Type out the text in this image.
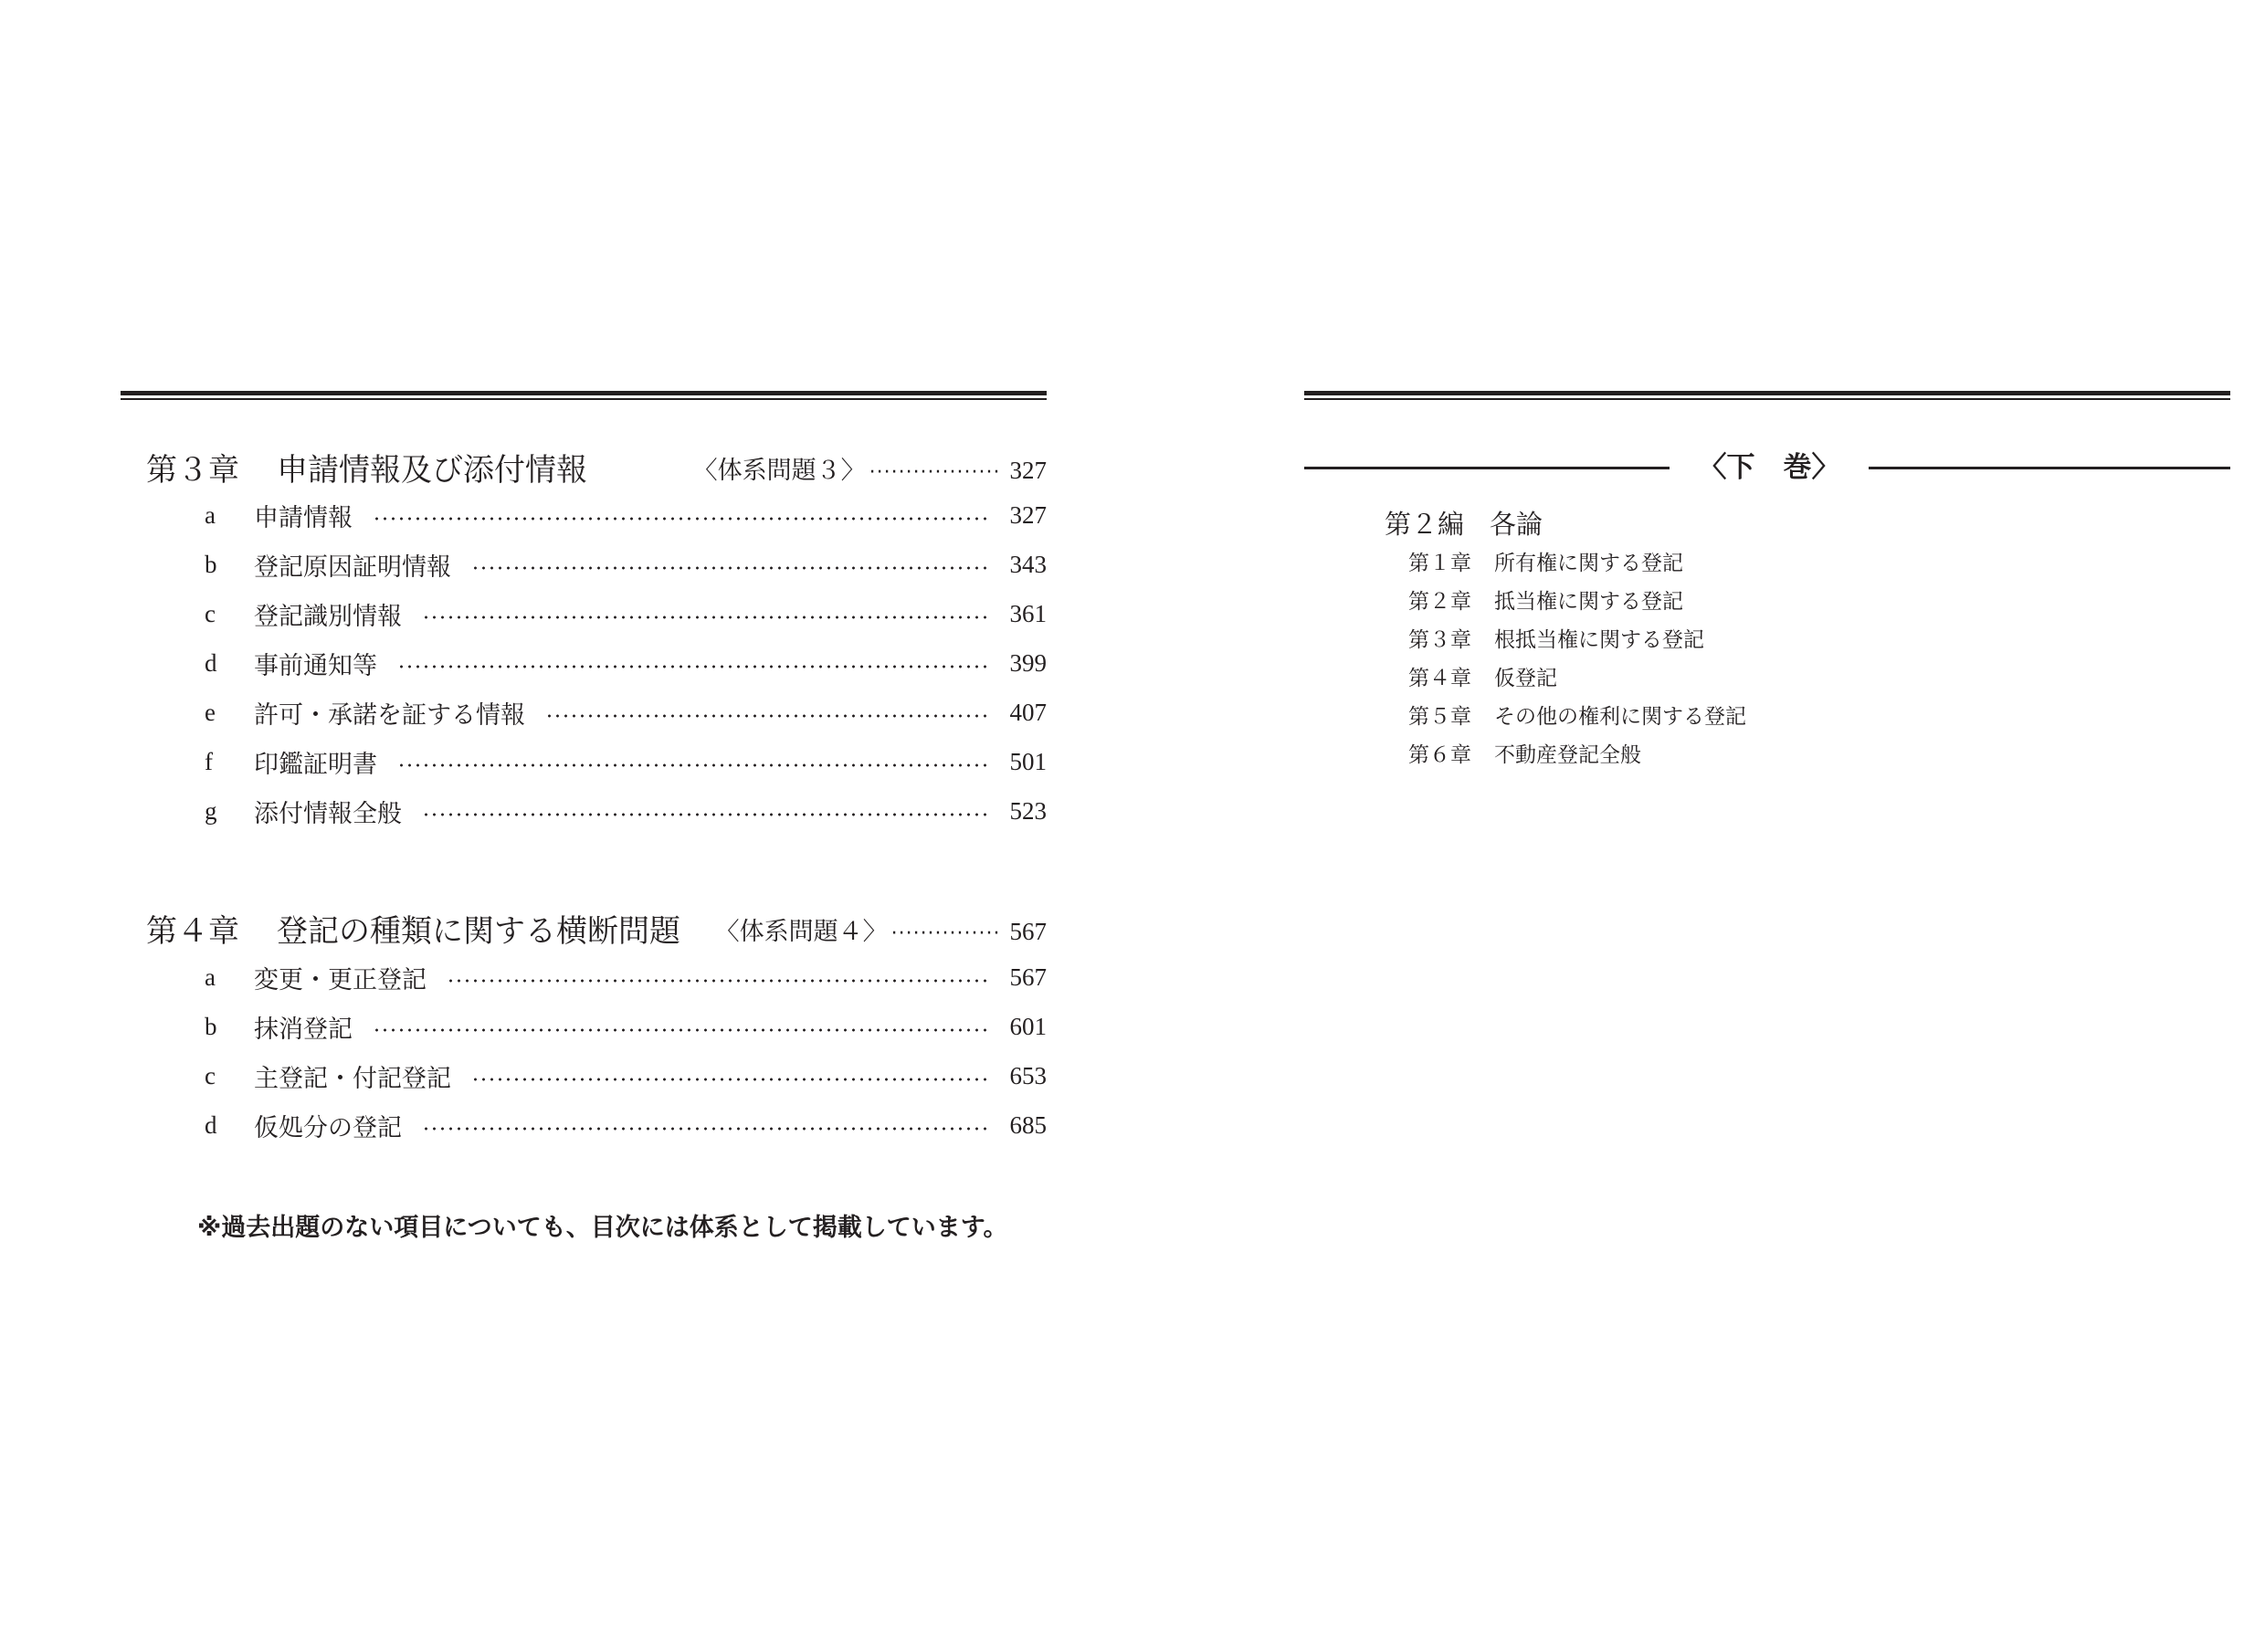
第３章 申請情報及び添付情報	〈体系問題３〉 ·················· 327
a	申請情報	327
b	登記原因証明情報	343
c	登記識別情報	361
d	事前通知等	399
e	許可・承諾を証する情報	407
f	印鑑証明書	501
g	添付情報全般	523
第４章 登記の種類に関する横断問題 〈体系問題４〉 ··············· 567
a	変更・更正登記	567
b	抹消登記	601
c	主登記・付記登記	653
d	仮処分の登記	685
※過去出題のない項目についても、目次には体系として掲載しています。
〈下　巻〉
第２編 各論
第１章 所有権に関する登記
第２章 抵当権に関する登記
第３章 根抵当権に関する登記
第４章 仮登記
第５章 その他の権利に関する登記
第６章 不動産登記全般
